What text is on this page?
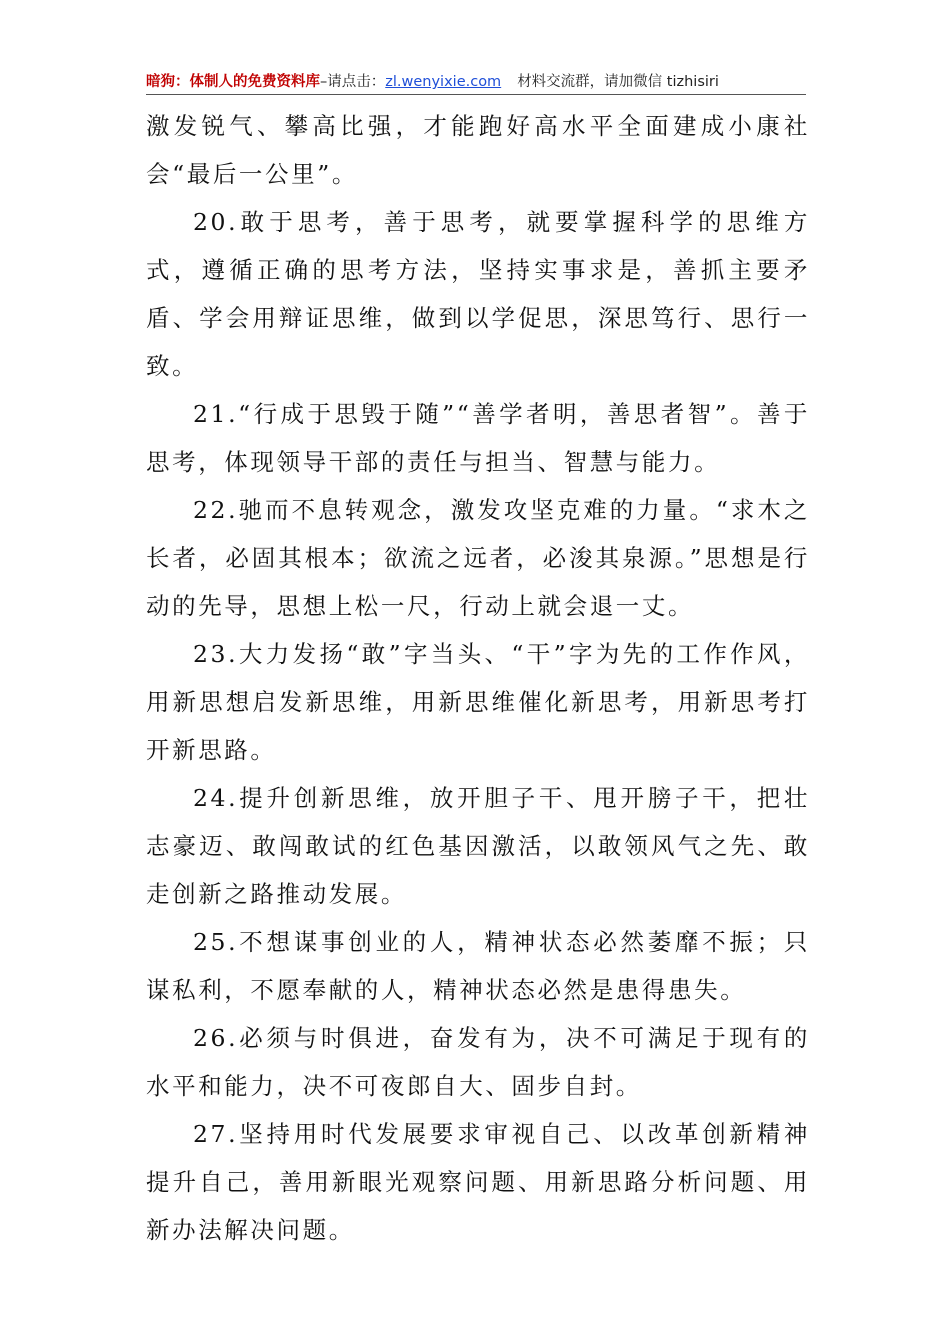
暗狗：体制人的免费资料库–请点击：zl.wenyixie.com 材料交流群，请加微信 tizhisiri

激发锐气、攀高比强，才能跑好高水平全面建成小康社会“最后一公里”。

20.敢于思考，善于思考，就要掌握科学的思维方式，遵循正确的思考方法，坚持实事求是，善抓主要矛盾、学会用辩证思维，做到以学促思，深思笃行、思行一致。

21.“行成于思毁于随”“善学者明，善思者智”。善于思考，体现领导干部的责任与担当、智慧与能力。

22.驰而不息转观念，激发攻坚克难的力量。“求木之长者，必固其根本；欲流之远者，必浚其泉源。”思想是行动的先导，思想上松一尺，行动上就会退一丈。

23.大力发扬“敢”字当头、“干”字为先的工作作风，用新思想启发新思维，用新思维催化新思考，用新思考打开新思路。

24.提升创新思维，放开胆子干、甩开膀子干，把壮志豪迈、敢闯敢试的红色基因激活，以敢领风气之先、敢走创新之路推动发展。

25.不想谋事创业的人，精神状态必然萎靡不振；只谋私利，不愿奉献的人，精神状态必然是患得患失。

26.必须与时俱进，奋发有为，决不可满足于现有的水平和能力，决不可夜郎自大、固步自封。

27.坚持用时代发展要求审视自己、以改革创新精神提升自己，善用新眼光观察问题、用新思路分析问题、用新办法解决问题。
